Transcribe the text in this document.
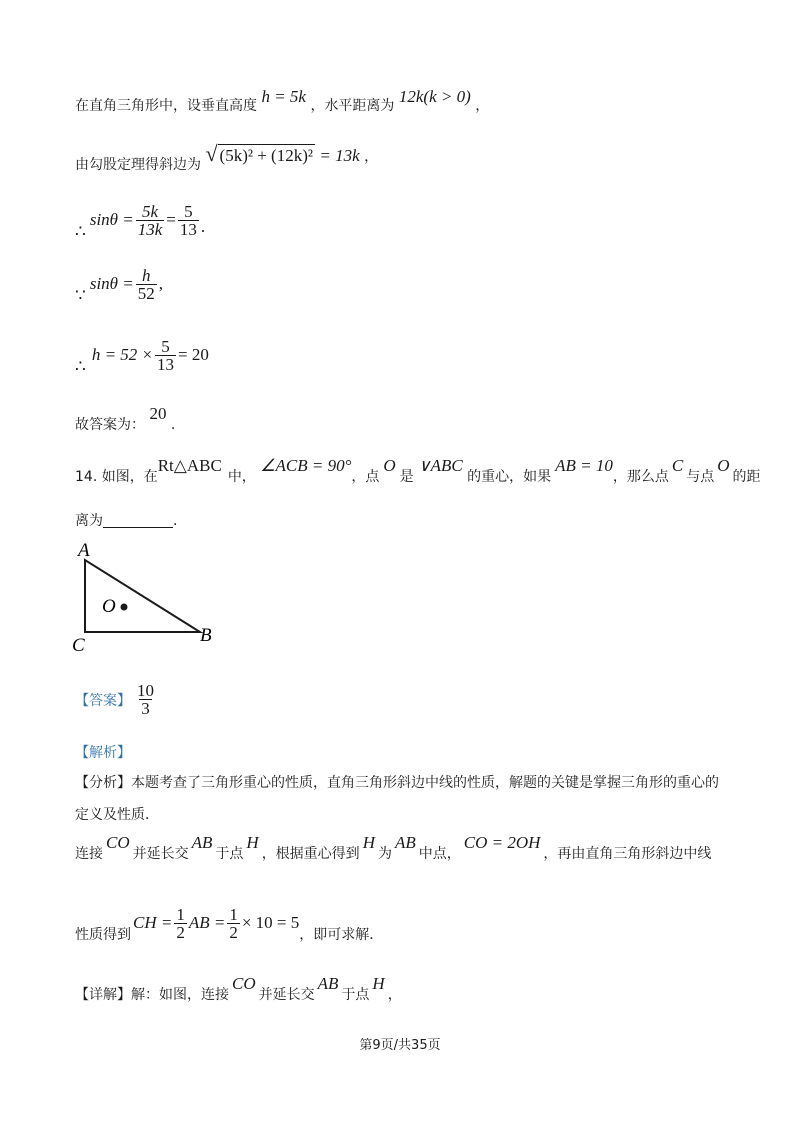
在直角三角形中，设垂直高度 h = 5k ，水平距离为 12k(k > 0) ，
由勾股定理得斜边为 √ (5k)² + (12k)² = 13k ，
∴
$\sin\theta = \frac{5k}{13k} = \frac{5}{13}$ .
∵
$\sin\theta = \frac{h}{52}$ ,
∴
$h = 52 \times \frac{5}{13} = 20$
故答案为： 20 .
14. 如图，在Rt△ABC中， ∠ACB = 90°，点O是 ∨ABC 的重心，如果AB = 10，那么点C与点O的距
离为	.
A
B
C
O
【答案】 $\frac{10}{3}$
【解析】
【分析】本题考查了三角形重心的性质，直角三角形斜边中线的性质，解题的关键是掌握三角形的重心的
定义及性质．
连接CO并延长交AB于点H，根据重心得到H为AB中点，CO = 2OH，再由直角三角形斜边中线
性质得到
CH = $\frac{1}{2}$ AB = $\frac{1}{2} \times 10 = 5$
，即可求解．
【详解】解：如图，连接CO并延长交AB于点H，
第9页/共35页
